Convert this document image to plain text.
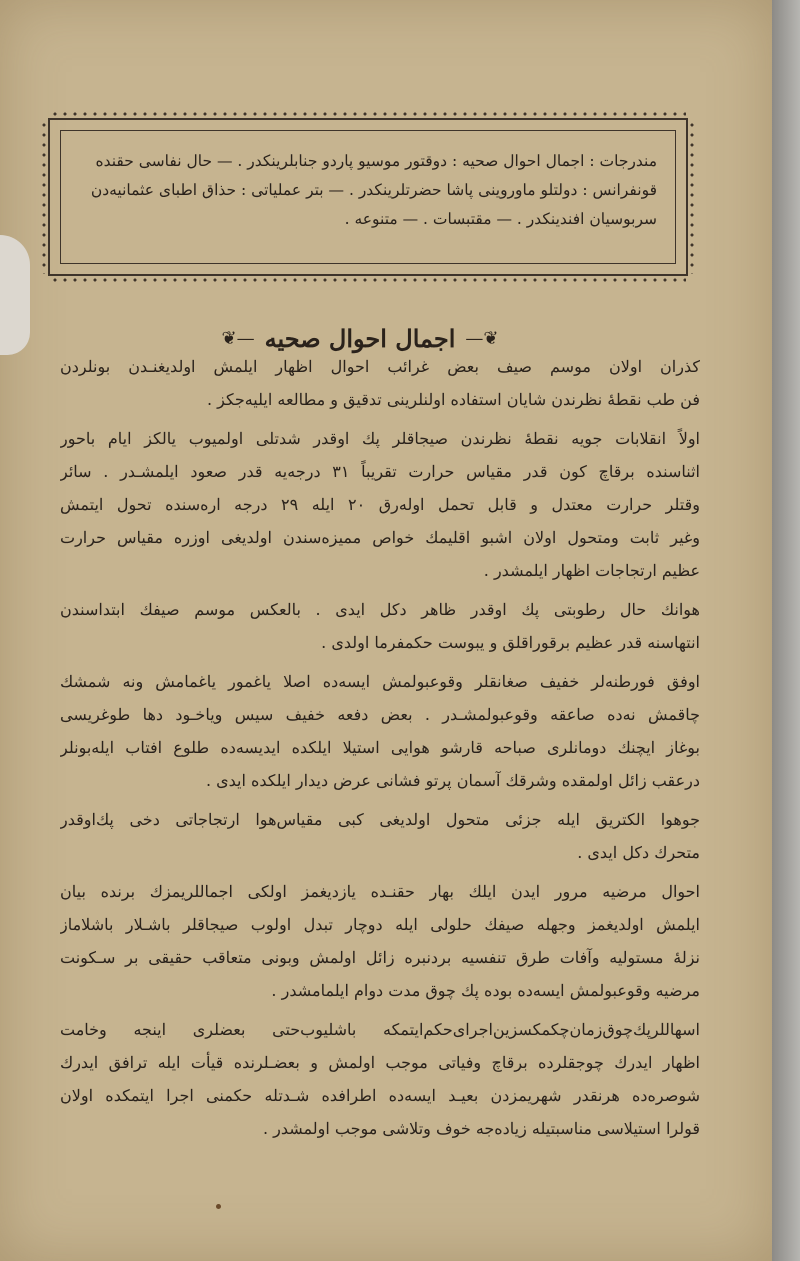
مندرجات : اجمال احوال صحیه : دوقتور موسیو پاردو جنابلرینکدر . — حال نفاسی حقنده
قونفرانس : دولتلو ماوروینی پاشا حضرتلرینکدر . — بتر عملیاتی : حذاق اطبای عثمانیه‌دن
سربوسیان افندینکدر . — مقتبسات . — متنوعه .
❦—
اجمال احوال صحیه
—❦
کذران اولان موسم صیف بعض غرائب احوال اظهار ایلمش اولدیغنـدن بونلردن
فن طب نقطهٔ نظرندن شایان استفاده اولنلرینی تدقیق و مطالعه ایلیه‌جکز .
اولاً انقلابات جویه نقطهٔ نظرندن صیجاقلر پك اوقدر شدتلی اولمیوب یالکز ایام باحور
اثناسنده برقاچ کون قدر مقیاس حرارت تقریباً ۳۱ درجه‌یه قدر صعود ایلمشـدر . سائر
وقتلر حرارت معتدل و قابل تحمل اوله‌رق ۲۰ ایله ۲۹ درجه اره‌سنده تحول ایتمش
وغیر ثابت ومتحول اولان اشبو اقلیمك خواص ممیزه‌سندن اولدیغی اوزره مقیاس حرارت
عظیم ارتجاجات اظهار ایلمشدر .
هوانك حال رطوبتی پك اوقدر ظاهر دکل ایدی . بالعکس موسم صیفك ابتداسندن
انتهاسنه قدر عظیم برقوراقلق و یبوست حکمفرما اولدی .
اوفق فورطنه‌لر خفیف صغانقلر وقوعبولمش ایسه‌ده اصلا یاغمور یاغمامش ونه شمشك
چاقمش نه‌ده صاعقه وقوعبولمشـدر . بعض دفعه خفیف سیس ویاخـود دها طوغریسی
بوغاز ایچنك دومانلری صباحه قارشو هوایی استیلا ایلکده ایدیسه‌ده طلوع افتاب ایله‌بونلر
درعقب زائل اولمقده وشرقك آسمان پرتو فشانی عرض دیدار ایلکده ایدی .
جوهوا الکتریق ایله جزئی متحول اولدیغی کبی مقیاس‌هوا ارتجاجاتی دخی پك‌اوقدر
متحرك دکل ایدی .
احوال مرضیه مرور ایدن ایلك بهار حقنـده یازدیغمز اولکی اجماللریمزك برنده بیان
ایلمش اولدیغمز وجهله صیفك حلولی ایله دوچار تبدل اولوب صیجاقلر باشـلار باشلاماز
نزلهٔ مستولیه وآفات طرق تنفسیه بردنبره زائل اولمش وبونی متعاقب حقیقی بر سـکونت
مرضیه وقوعبولمش ایسه‌ده بوده پك چوق مدت دوام ایلمامشدر .
اسهاللرپك‌چوق‌زمان‌چکمکسزین‌اجرای‌حکم‌ایتمکه باشلیوب‌حتی بعضلری اینجه وخامت
اظهار ایدرك چوجقلرده برقاچ وفیاتی موجب اولمش و بعضـلرنده قیأت ایله ترافق ایدرك
شوصره‌ده هرنقدر شهریمزدن بعیـد ایسه‌ده اطرافده شـدتله حکمنی اجرا ایتمکده اولان
قولرا استیلاسی مناسبتیله زیاده‌جه خوف وتلاشی موجب اولمشدر .
